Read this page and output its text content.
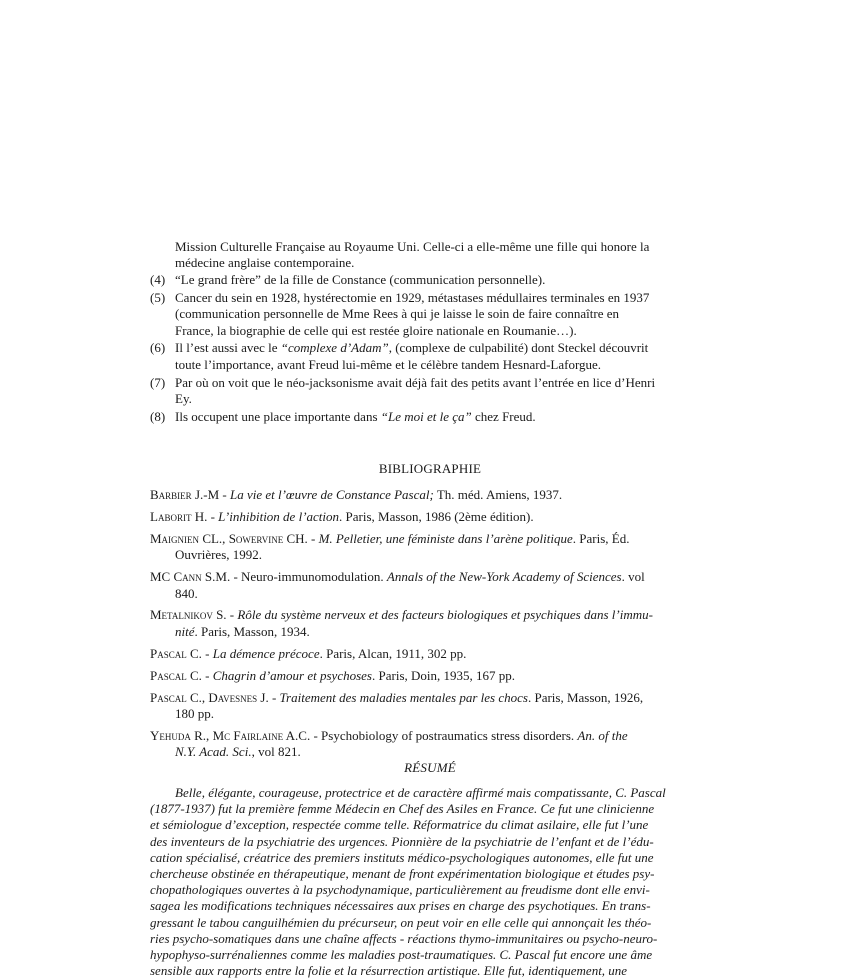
Mission Culturelle Française au Royaume Uni. Celle-ci a elle-même une fille qui honore la
médecine anglaise contemporaine.
(4) “Le grand frère” de la fille de Constance (communication personnelle).
(5) Cancer du sein en 1928, hystérectomie en 1929, métastases médullaires terminales en 1937
(communication personnelle de Mme Rees à qui je laisse le soin de faire connaître en
France, la biographie de celle qui est restée gloire nationale en Roumanie…).
(6) Il l’est aussi avec le “complexe d’Adam”, (complexe de culpabilité) dont Steckel découvrit
toute l’importance, avant Freud lui-même et le célèbre tandem Hesnard-Laforgue.
(7) Par où on voit que le néo-jacksonisme avait déjà fait des petits avant l’entrée en lice d’Henri
Ey.
(8) Ils occupent une place importante dans “Le moi et le ça” chez Freud.
BIBLIOGRAPHIE
Barbier J.-M - La vie et l’œuvre de Constance Pascal; Th. méd. Amiens, 1937.
Laborit H. - L’inhibition de l’action. Paris, Masson, 1986 (2ème édition).
Maignien CL., Sowervine CH. - M. Pelletier, une féministe dans l’arène politique. Paris, Éd.
Ouvrières, 1992.
MC Cann S.M. - Neuro-immunomodulation. Annals of the New-York Academy of Sciences. vol
840.
Metalnikov S. - Rôle du système nerveux et des facteurs biologiques et psychiques dans l’immu-
nité. Paris, Masson, 1934.
Pascal C. - La démence précoce. Paris, Alcan, 1911, 302 pp.
Pascal C. - Chagrin d’amour et psychoses. Paris, Doin, 1935, 167 pp.
Pascal C., Davesnes J. - Traitement des maladies mentales par les chocs. Paris, Masson, 1926,
180 pp.
Yehuda R., Mc Fairlaine A.C. - Psychobiology of postraumatics stress disorders. An. of the
N.Y. Acad. Sci., vol 821.
RÉSUMÉ
Belle, élégante, courageuse, protectrice et de caractère affirmé mais compatissante, C. Pascal
(1877-1937) fut la première femme Médecin en Chef des Asiles en France. Ce fut une clinicienne
et sémiologue d’exception, respectée comme telle. Réformatrice du climat asilaire, elle fut l’une
des inventeurs de la psychiatrie des urgences. Pionnière de la psychiatrie de l’enfant et de l’édu-
cation spécialisé, créatrice des premiers instituts médico-psychologiques autonomes, elle fut une
chercheuse obstinée en thérapeutique, menant de front expérimentation biologique et études psy-
chopathologiques ouvertes à la psychodynamique, particulièrement au freudisme dont elle envi-
sagea les modifications techniques nécessaires aux prises en charge des psychotiques. En trans-
gressant le tabou canguilhémien du précurseur, on peut voir en elle celle qui annonçait les théo-
ries psycho-somatiques dans une chaîne affects - réactions thymo-immunitaires ou psycho-neuro-
hypophyso-surrénaliennes comme les maladies post-traumatiques. C. Pascal fut encore une âme
sensible aux rapports entre la folie et la résurrection artistique. Elle fut, identiquement, une
